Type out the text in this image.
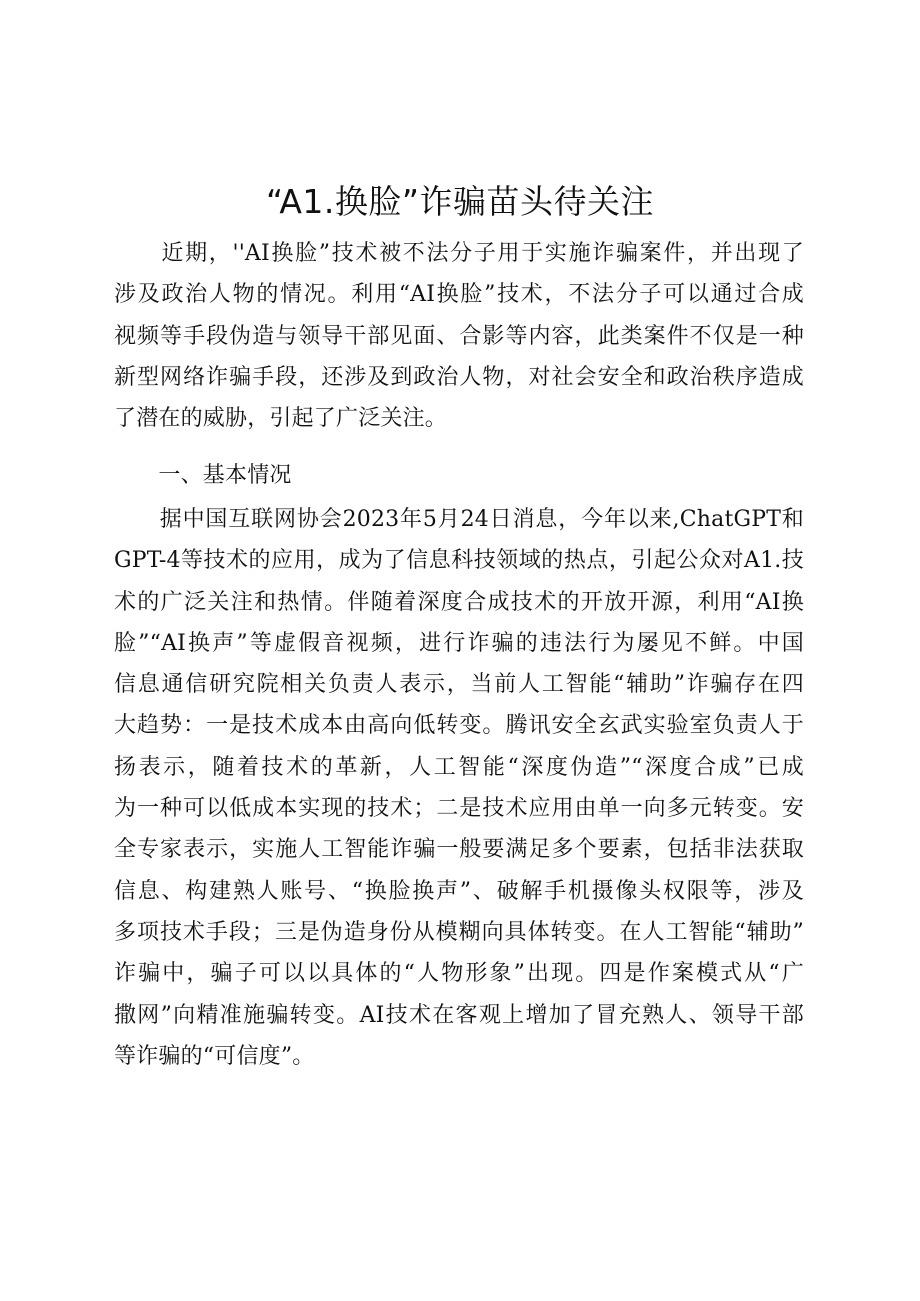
“A1.换脸”诈骗苗头待关注
　　近期，''AI换脸”技术被不法分子用于实施诈骗案件，并出现了
涉及政治人物的情况。利用“AI换脸”技术，不法分子可以通过合成
视频等手段伪造与领导干部见面、合影等内容，此类案件不仅是一种
新型网络诈骗手段，还涉及到政治人物，对社会安全和政治秩序造成
了潜在的威胁，引起了广泛关注。
　　一、基本情况
　　据中国互联网协会2023年5月24日消息，今年以来,ChatGPT和
GPT-4等技术的应用，成为了信息科技领域的热点，引起公众对A1.技
术的广泛关注和热情。伴随着深度合成技术的开放开源，利用“AI换
脸”“AI换声”等虚假音视频，进行诈骗的违法行为屡见不鲜。中国
信息通信研究院相关负责人表示，当前人工智能“辅助”诈骗存在四
大趋势：一是技术成本由高向低转变。腾讯安全玄武实验室负责人于
扬表示，随着技术的革新，人工智能“深度伪造”“深度合成”已成
为一种可以低成本实现的技术；二是技术应用由单一向多元转变。安
全专家表示，实施人工智能诈骗一般要满足多个要素，包括非法获取
信息、构建熟人账号、“换脸换声”、破解手机摄像头权限等，涉及
多项技术手段；三是伪造身份从模糊向具体转变。在人工智能“辅助”
诈骗中，骗子可以以具体的“人物形象”出现。四是作案模式从“广
撒网”向精准施骗转变。AI技术在客观上增加了冒充熟人、领导干部
等诈骗的“可信度”。
